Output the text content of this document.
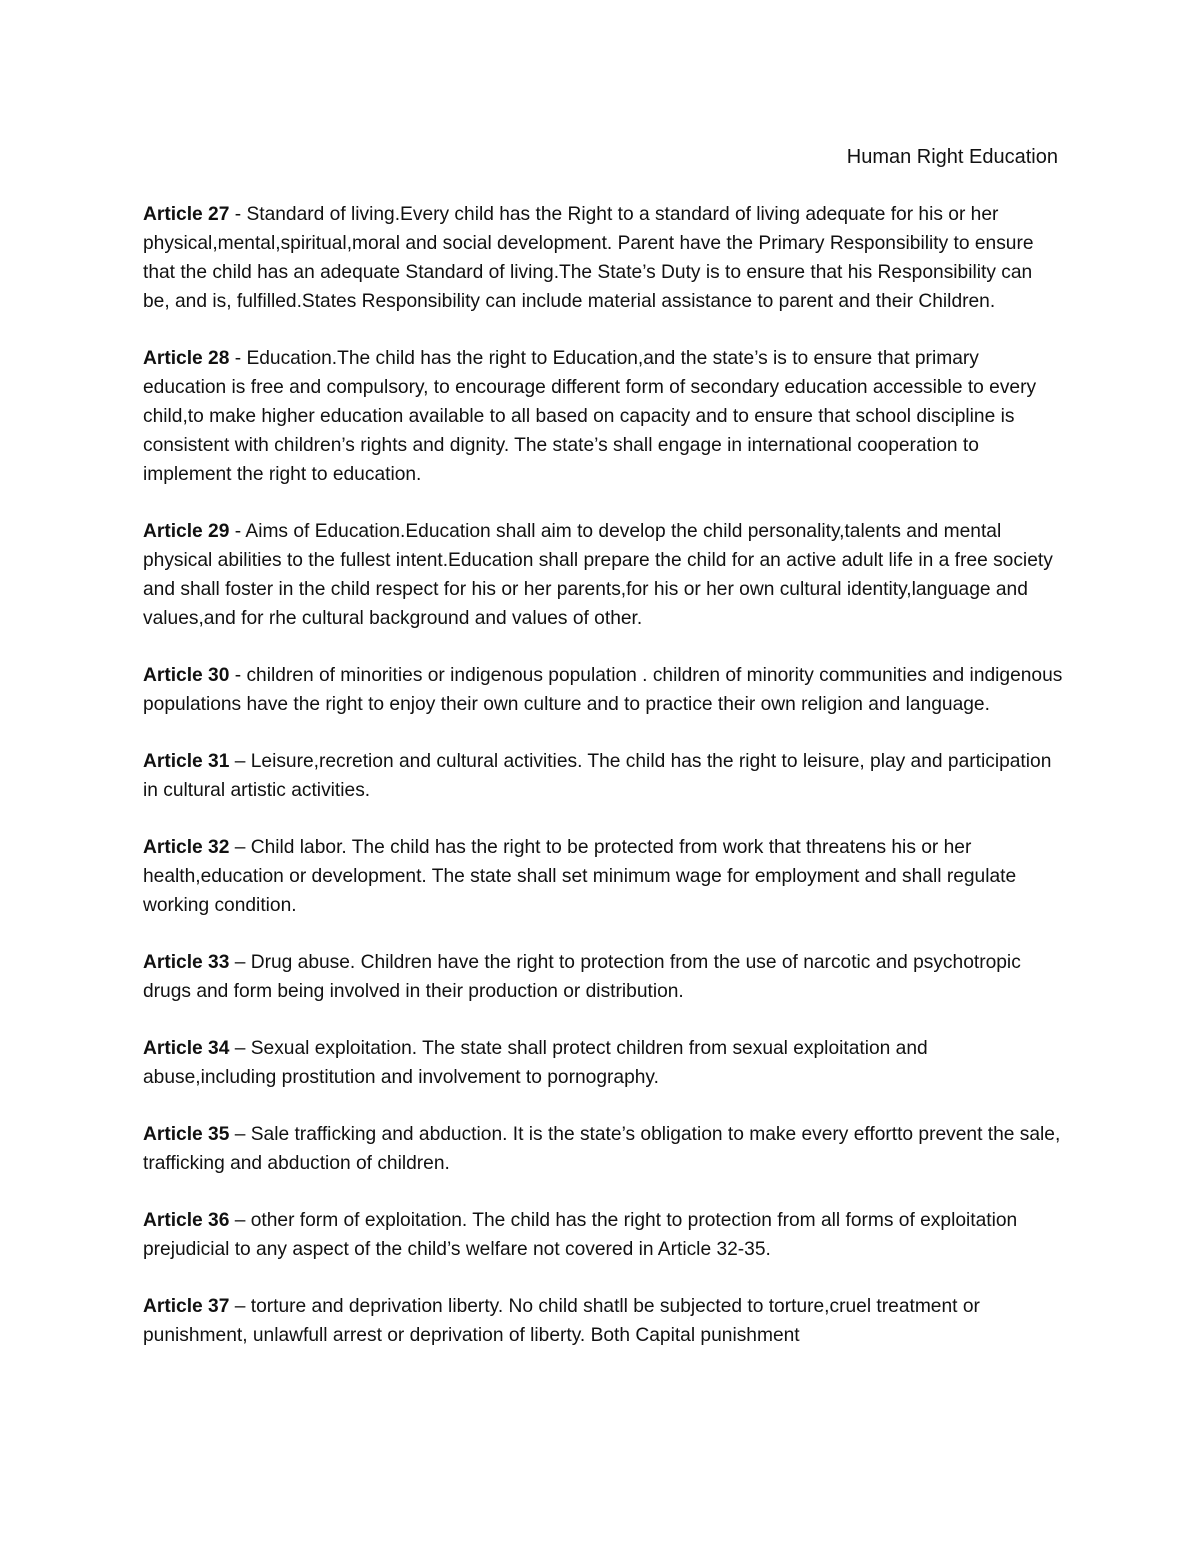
Human Right Education

Article 27 - Standard of living.Every child has the Right to a standard of living adequate for his or her physical,mental,spiritual,moral and social development. Parent have the Primary Responsibility to ensure that the child has an adequate Standard of living.The State’s Duty is to ensure that his Responsibility can be, and is, fulfilled.States Responsibility can include material assistance to parent and their Children.

Article 28 - Education.The child has the right to Education,and the state’s is to ensure that primary education is free and compulsory, to encourage different form of secondary education accessible to every child,to make higher education available to all based on capacity and to ensure that school discipline is consistent with children’s rights and dignity. The state’s shall engage in international cooperation to implement the right to education.

Article 29 - Aims of Education.Education shall aim to develop the child personality,talents and mental physical abilities to the fullest intent.Education shall prepare the child for an active adult life in a free society and shall foster in the child respect for his or her parents,for his or her own cultural identity,language and values,and for rhe cultural background and values of other.

Article 30 - children of minorities or indigenous population . children of minority communities and indigenous populations have the right to enjoy their own culture and to practice their own religion and language.

Article 31 – Leisure,recretion and cultural activities. The child has the right to leisure, play and participation in cultural artistic activities.

Article 32 – Child labor. The child has the right to be protected from work that threatens his or her health,education or development. The state shall set minimum wage for employment and shall regulate working condition.

Article 33 – Drug abuse. Children have the right to protection from the use of narcotic and psychotropic drugs and form being involved in their production or distribution.

Article 34 – Sexual exploitation. The state shall protect children from sexual exploitation and abuse,including prostitution and involvement to pornography.

Article 35 – Sale trafficking and abduction. It is the state’s obligation to make every effortto prevent the sale, trafficking and abduction of children.

Article 36 – other form of exploitation. The child has the right to protection from all forms of exploitation prejudicial to any aspect of the child’s welfare not covered in Article 32-35.

Article 37 – torture and deprivation liberty. No child shatll be subjected to torture,cruel treatment or punishment, unlawfull arrest or deprivation of liberty. Both Capital punishment
